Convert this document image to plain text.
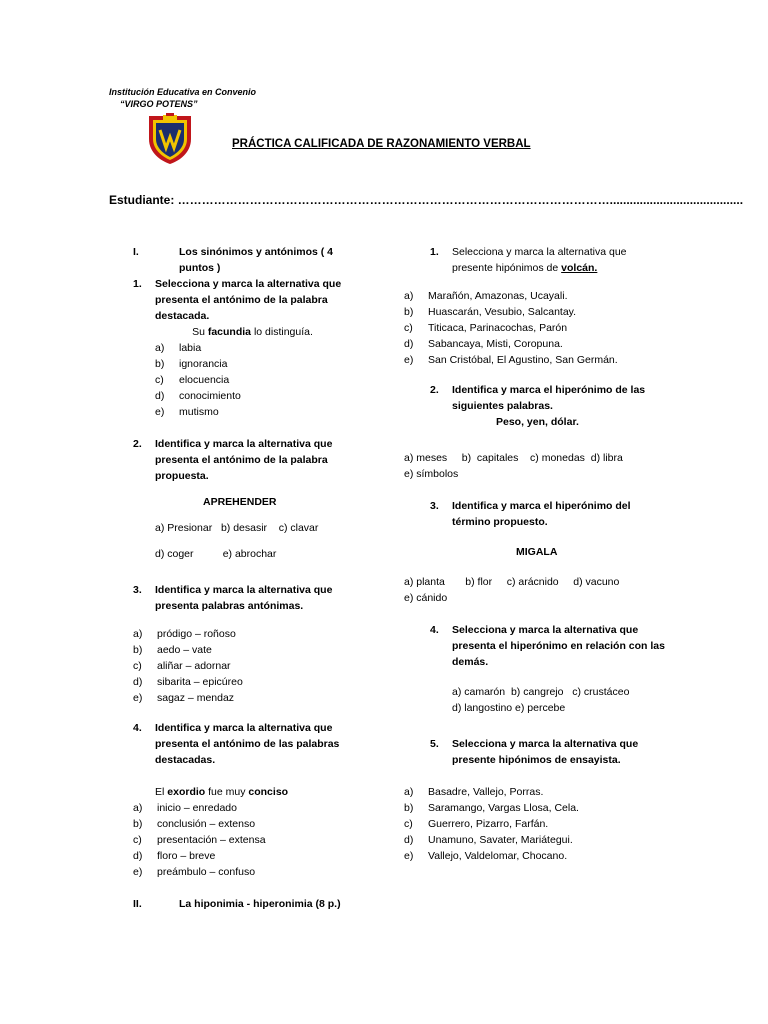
Institución Educativa en Convenio
“VIRGO POTENS”
PRÁCTICA CALIFICADA DE RAZONAMIENTO VERBAL
Estudiante: ………………………………………………………………………………………………........................................
I.	Los sinónimos y antónimos ( 4
puntos )
1. Selecciona y marca la alternativa que presenta el antónimo de la palabra destacada.
Su facundia lo distinguía.
a) labia
b) ignorancia
c) elocuencia
d) conocimiento
e) mutismo
2. Identifica y marca la alternativa que presenta el antónimo de la palabra propuesta.
APREHENDER
a) Presionar   b) desasir    c) clavar
d) coger          e) abrochar
3. Identifica y marca la alternativa que presenta palabras antónimas.
a) pródigo – roñoso
b) aedo – vate
c) aliñar – adornar
d) sibarita – epicúreo
e) sagaz – mendaz
4. Identifica y marca la alternativa que presenta el antónimo de las palabras destacadas.
El exordio fue muy conciso
a) inicio – enredado
b) conclusión – extenso
c) presentación – extensa
d) floro – breve
e) preámbulo – confuso
II.	La hiponimia - hiperonimia (8 p.)
1. Selecciona y marca la alternativa que presente hipónimos de volcán.
a) Marañón, Amazonas, Ucayali.
b) Huascarán, Vesubio, Salcantay.
c) Titicaca, Parinacochas, Parón
d) Sabancaya, Misti, Coropuna.
e) San Cristóbal, El Agustino, San Germán.
2. Identifica y marca el hiperónimo de las siguientes palabras.
Peso, yen, dólar.
a) meses     b)  capitales    c) monedas  d) libra
e) símbolos
3. Identifica y marca el hiperónimo del término propuesto.
MIGALA
a) planta       b) flor     c) arácnido     d) vacuno
e) cánido
4. Selecciona y marca la alternativa que presenta el hiperónimo en relación con las demás.
a) camarón  b) cangrejo   c) crustáceo
d) langostino e) percebe
5. Selecciona y marca la alternativa que presente hipónimos de ensayista.
a) Basadre, Vallejo, Porras.
b) Saramango, Vargas Llosa, Cela.
c) Guerrero, Pizarro, Farfán.
d) Unamuno, Savater, Mariátegui.
e) Vallejo, Valdelomar, Chocano.
